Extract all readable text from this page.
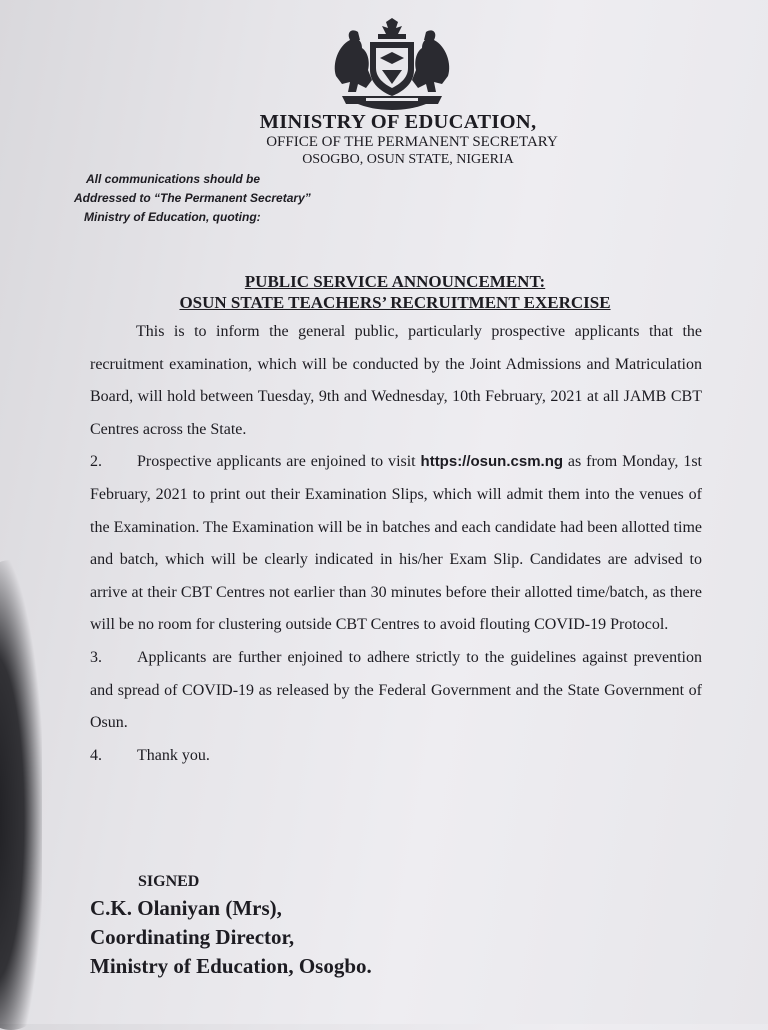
MINISTRY OF EDUCATION,
OFFICE OF THE PERMANENT SECRETARY
OSOGBO, OSUN STATE, NIGERIA
All communications should be
Addressed to “The Permanent Secretary”
Ministry of Education, quoting:
PUBLIC SERVICE ANNOUNCEMENT:
OSUN STATE TEACHERS’ RECRUITMENT EXERCISE

This is to inform the general public, particularly prospective applicants that the recruitment examination, which will be conducted by the Joint Admissions and Matriculation Board, will hold between Tuesday, 9th and Wednesday, 10th February, 2021 at all JAMB CBT Centres across the State.

2. Prospective applicants are enjoined to visit https://osun.csm.ng as from Monday, 1st February, 2021 to print out their Examination Slips, which will admit them into the venues of the Examination. The Examination will be in batches and each candidate had been allotted time and batch, which will be clearly indicated in his/her Exam Slip. Candidates are advised to arrive at their CBT Centres not earlier than 30 minutes before their allotted time/batch, as there will be no room for clustering outside CBT Centres to avoid flouting COVID-19 Protocol.

3. Applicants are further enjoined to adhere strictly to the guidelines against prevention and spread of COVID-19 as released by the Federal Government and the State Government of Osun.

4. Thank you.

SIGNED
C.K. Olaniyan (Mrs),
Coordinating Director,
Ministry of Education, Osogbo.
